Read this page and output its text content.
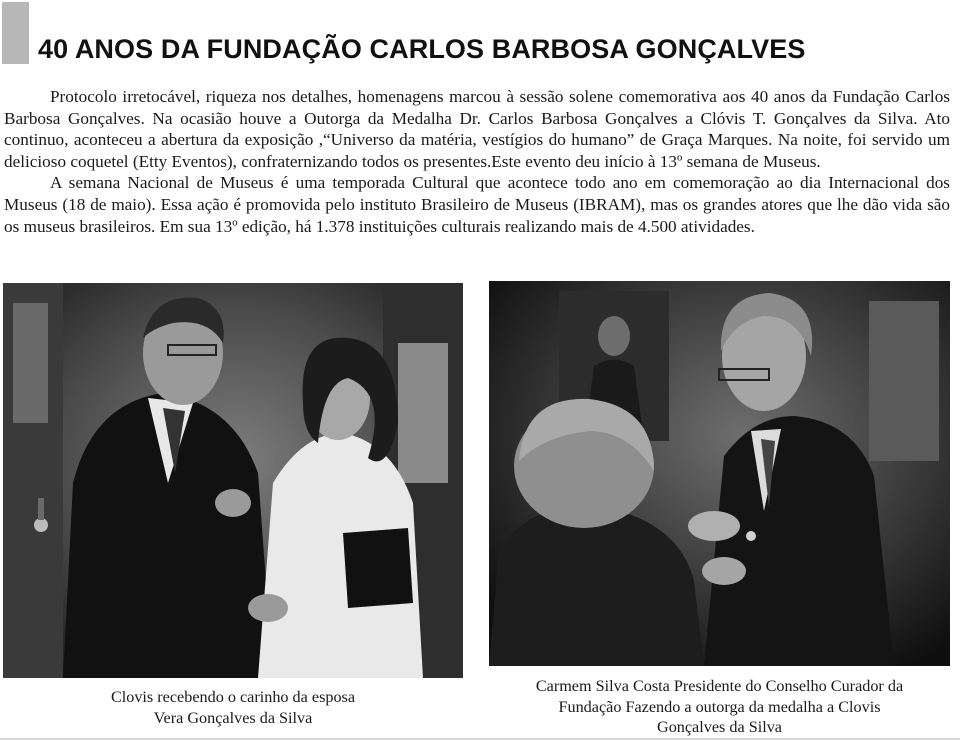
40 ANOS DA FUNDAÇÃO CARLOS BARBOSA GONÇALVES

Protocolo irretocável, riqueza nos detalhes, homenagens marcou à sessão solene comemorativa aos 40 anos da Fundação Carlos Barbosa Gonçalves. Na ocasião houve a Outorga da Medalha Dr. Carlos Barbosa Gonçalves a Clóvis T. Gonçalves da Silva. Ato continuo, aconteceu a abertura da exposição ,“Universo da matéria, vestígios do humano” de Graça Marques. Na noite, foi servido um delicioso coquetel (Etty Eventos), confraternizando todos os presentes.Este evento deu início à 13º semana de Museus.

A semana Nacional de Museus é uma temporada Cultural que acontece todo ano em comemoração ao dia Internacional dos Museus (18 de maio). Essa ação é promovida pelo instituto Brasileiro de Museus (IBRAM), mas os grandes atores que lhe dão vida são os museus brasileiros. Em sua 13º edição, há 1.378 instituições culturais realizando mais de 4.500 atividades.

Clovis recebendo o carinho da esposa
Vera Gonçalves da Silva
Carmem Silva Costa Presidente do Conselho Curador da
Fundação Fazendo a outorga da medalha a Clovis
Gonçalves da Silva
